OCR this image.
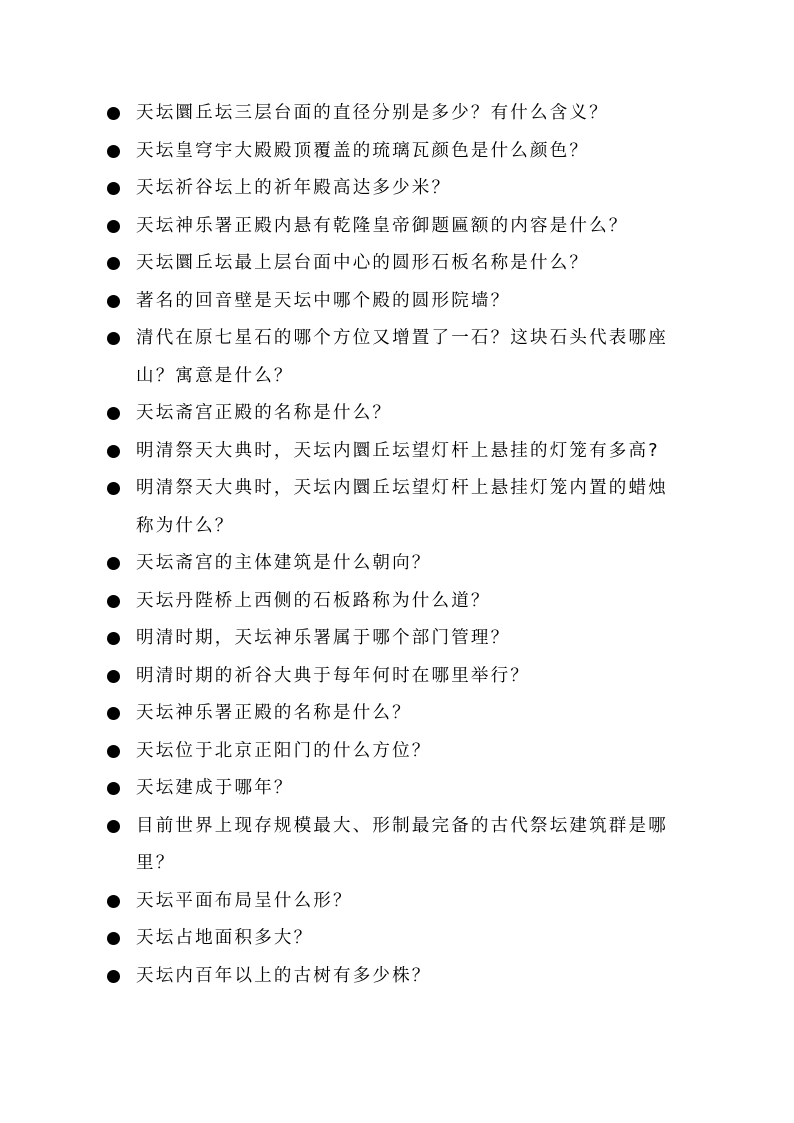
天坛圜丘坛三层台面的直径分别是多少？有什么含义？
天坛皇穹宇大殿殿顶覆盖的琉璃瓦颜色是什么颜色？
天坛祈谷坛上的祈年殿高达多少米？
天坛神乐署正殿内悬有乾隆皇帝御题匾额的内容是什么？
天坛圜丘坛最上层台面中心的圆形石板名称是什么？
著名的回音壁是天坛中哪个殿的圆形院墙？
清代在原七星石的哪个方位又增置了一石？这块石头代表哪座山？寓意是什么？
天坛斋宫正殿的名称是什么？
明清祭天大典时，天坛内圜丘坛望灯杆上悬挂的灯笼有多高?
明清祭天大典时，天坛内圜丘坛望灯杆上悬挂灯笼内置的蜡烛称为什么？
天坛斋宫的主体建筑是什么朝向？
天坛丹陛桥上西侧的石板路称为什么道？
明清时期，天坛神乐署属于哪个部门管理？
明清时期的祈谷大典于每年何时在哪里举行？
天坛神乐署正殿的名称是什么？
天坛位于北京正阳门的什么方位？
天坛建成于哪年？
目前世界上现存规模最大、形制最完备的古代祭坛建筑群是哪里？
天坛平面布局呈什么形？
天坛占地面积多大？
天坛内百年以上的古树有多少株？
